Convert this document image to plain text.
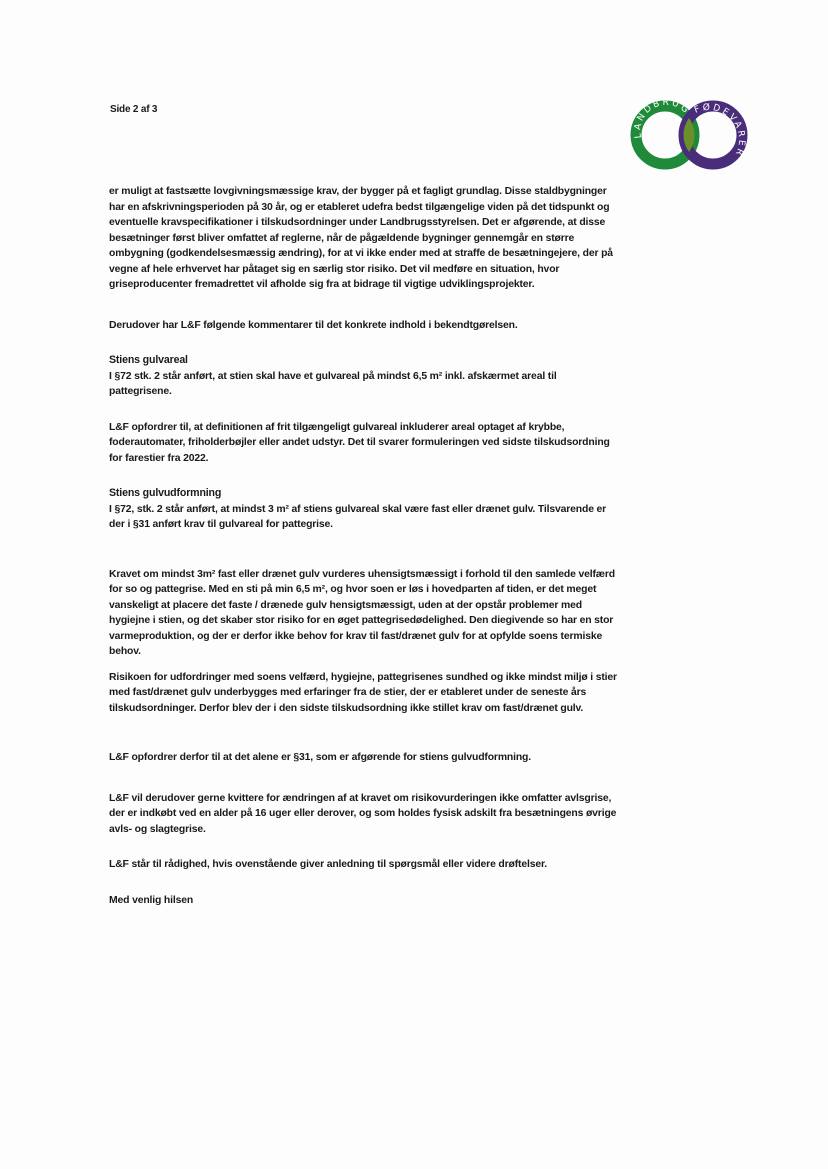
Side 2 af 3
LANDBRUG FØDEVARER

er muligt at fastsætte lovgivningsmæssige krav, der bygger på et fagligt grundlag. Disse staldbygninger har en afskrivningsperioden på 30 år, og er etableret udefra bedst tilgængelige viden på det tidspunkt og eventuelle kravspecifikationer i tilskudsordninger under Landbrugsstyrelsen. Det er afgørende, at disse besætninger først bliver omfattet af reglerne, når de pågældende bygninger gennemgår en større ombygning (godkendelsesmæssig ændring), for at vi ikke ender med at straffe de besætningejere, der på vegne af hele erhvervet har påtaget sig en særlig stor risiko. Det vil medføre en situation, hvor griseproducenter fremadrettet vil afholde sig fra at bidrage til vigtige udviklingsprojekter.

Derudover har L&F følgende kommentarer til det konkrete indhold i bekendtgørelsen.

Stiens gulvareal

I §72 stk. 2 står anført, at stien skal have et gulvareal på mindst 6,5 m² inkl. afskærmet areal til pattegrisene.

L&F opfordrer til, at definitionen af frit tilgængeligt gulvareal inkluderer areal optaget af krybbe, foderautomater, friholderbøjler eller andet udstyr. Det til svarer formuleringen ved sidste tilskudsordning for farestier fra 2022.

Stiens gulvudformning

I §72, stk. 2 står anført, at mindst 3 m² af stiens gulvareal skal være fast eller drænet gulv. Tilsvarende er der i §31 anført krav til gulvareal for pattegrise.

Kravet om mindst 3m² fast eller drænet gulv vurderes uhensigtsmæssigt i forhold til den samlede velfærd for so og pattegrise. Med en sti på min 6,5 m², og hvor soen er løs i hovedparten af tiden, er det meget vanskeligt at placere det faste / drænede gulv hensigtsmæssigt, uden at der opstår problemer med hygiejne i stien, og det skaber stor risiko for en øget pattegrisedødelighed. Den diegivende so har en stor varmeproduktion, og der er derfor ikke behov for krav til fast/drænet gulv for at opfylde soens termiske behov.

Risikoen for udfordringer med soens velfærd, hygiejne, pattegrisenes sundhed og ikke mindst miljø i stier med fast/drænet gulv underbygges med erfaringer fra de stier, der er etableret under de seneste års tilskudsordninger. Derfor blev der i den sidste tilskudsordning ikke stillet krav om fast/drænet gulv.

L&F opfordrer derfor til at det alene er §31, som er afgørende for stiens gulvudformning.

L&F vil derudover gerne kvittere for ændringen af at kravet om risikovurderingen ikke omfatter avlsgrise, der er indkøbt ved en alder på 16 uger eller derover, og som holdes fysisk adskilt fra besætningens øvrige avls- og slagtegrise.

L&F står til rådighed, hvis ovenstående giver anledning til spørgsmål eller videre drøftelser.

Med venlig hilsen
